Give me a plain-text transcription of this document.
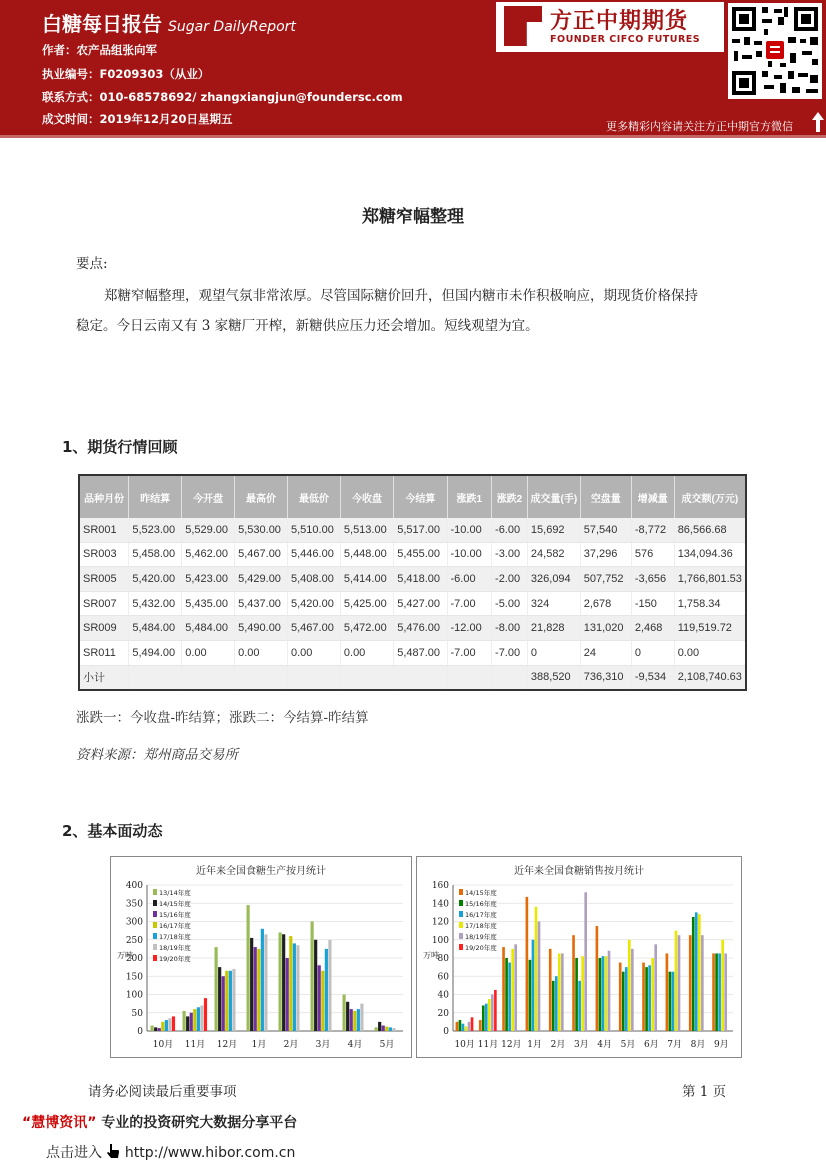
白糖每日报告 Sugar DailyReport
作者：农产品组张向军
执业编号：F0209303（从业）
联系方式：010-68578692/ zhangxiangjun@foundersc.com
成文时间：2019年12月20日星期五
方正中期期货
FOUNDER CIFCO FUTURES
更多精彩内容请关注方正中期官方微信
郑糖窄幅整理
要点:
郑糖窄幅整理，观望气氛非常浓厚。尽管国际糖价回升，但国内糖市未作积极响应，期现货价格保持
稳定。今日云南又有 3 家糖厂开榨，新糖供应压力还会增加。短线观望为宜。
1、期货行情回顾
品种月份	昨结算	今开盘	最高价	最低价	今收盘	今结算	涨跌1	涨跌2	成交量(手)	空盘量	增减量	成交额(万元)
SR001	5,523.00	5,529.00	5,530.00	5,510.00	5,513.00	5,517.00	-10.00	-6.00	15,692	57,540	-8,772	86,566.68
SR003	5,458.00	5,462.00	5,467.00	5,446.00	5,448.00	5,455.00	-10.00	-3.00	24,582	37,296	576	134,094.36
SR005	5,420.00	5,423.00	5,429.00	5,408.00	5,414.00	5,418.00	-6.00	-2.00	326,094	507,752	-3,656	1,766,801.53
SR007	5,432.00	5,435.00	5,437.00	5,420.00	5,425.00	5,427.00	-7.00	-5.00	324	2,678	-150	1,758.34
SR009	5,484.00	5,484.00	5,490.00	5,467.00	5,472.00	5,476.00	-12.00	-8.00	21,828	131,020	2,468	119,519.72
SR011	5,494.00	0.00	0.00	0.00	0.00	5,487.00	-7.00	-7.00	0	24	0	0.00
小计									388,520	736,310	-9,534	2,108,740.63
涨跌一：今收盘-昨结算；涨跌二：今结算-昨结算
资料来源：郑州商品交易所
2、基本面动态
近年来全国食糖生产按月统计
0
50
100
150
200
250
300
350
400
万吨
10月 11月 12月 1月 2月 3月 4月 5月
13/14年度
14/15年度
15/16年度
16/17年度
17/18年度
18/19年度
19/20年度
近年来全国食糖销售按月统计
0
20
40
60
80
100
120
140
160
万吨
10月 11月 12月 1月 2月 3月 4月 5月 6月 7月 8月 9月
14/15年度
15/16年度
16/17年度
17/18年度
18/19年度
19/20年度
请务必阅读最后重要事项	第 1 页
“慧博资讯” 专业的投资研究大数据分享平台
点击进入 http://www.hibor.com.cn
